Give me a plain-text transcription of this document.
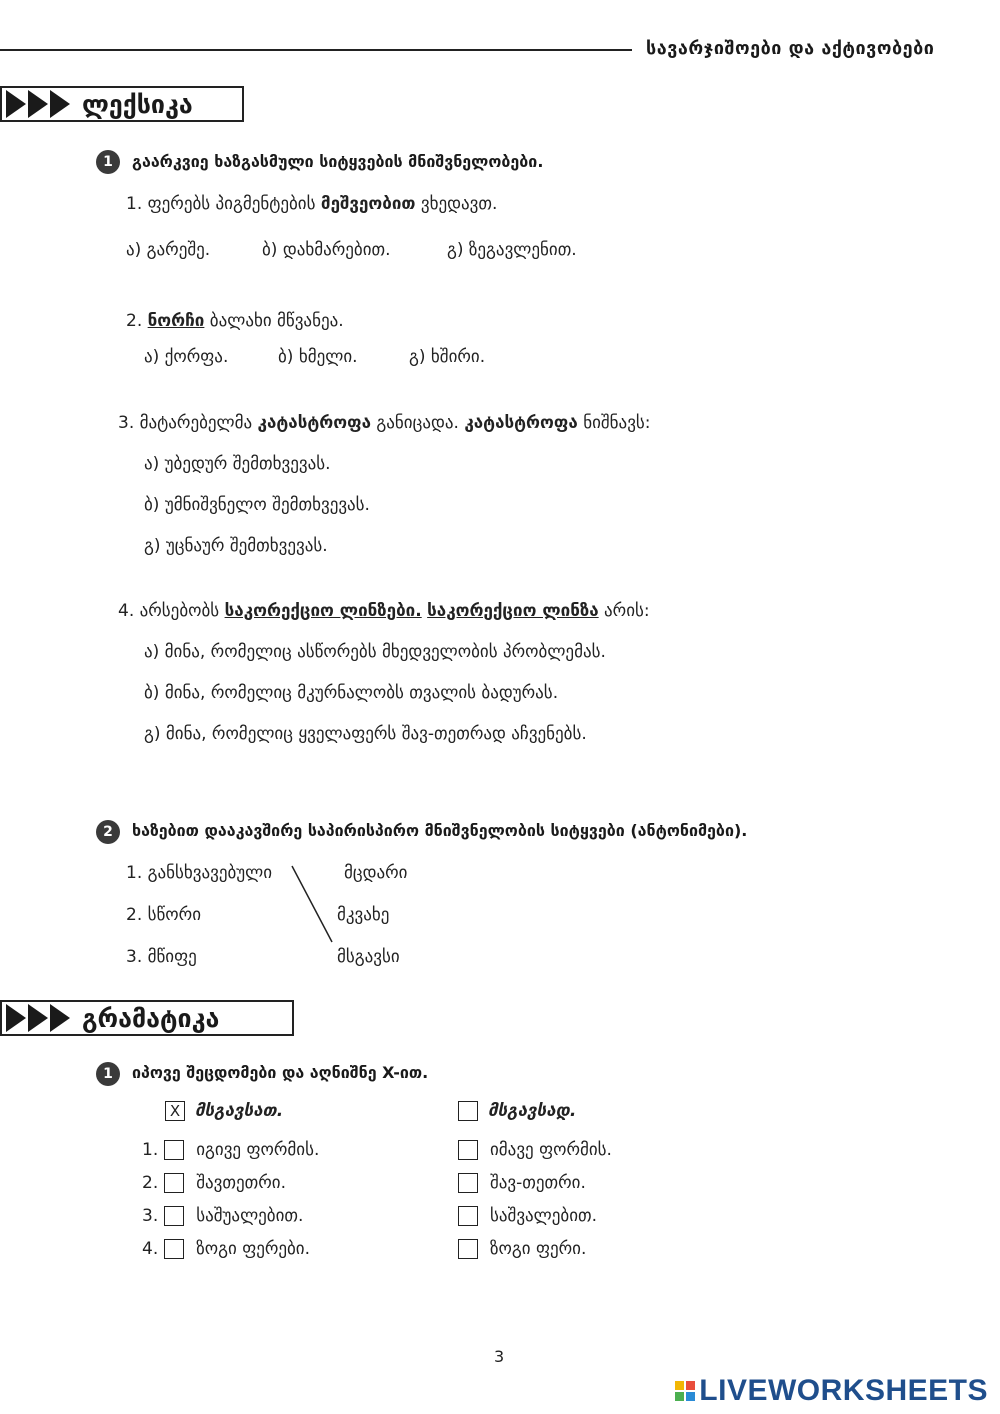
სავარჯიშოები და აქტივობები
ლექსიკა
1	გაარკვიე ხაზგასმული სიტყვების მნიშვნელობები.
1. ფერებს პიგმენტების მეშვეობით ვხედავთ.
ა) გარეშე.	ბ) დახმარებით.	გ) ზეგავლენით.
2. ნორჩი ბალახი მწვანეა.
ა) ქორფა.	ბ) ხმელი.	გ) ხშირი.
3. მატარებელმა კატასტროფა განიცადა. კატასტროფა ნიშნავს:
ა) უბედურ შემთხვევას.
ბ) უმნიშვნელო შემთხვევას.
გ) უცნაურ შემთხვევას.
4. არსებობს საკორექციო ლინზები. საკორექციო ლინზა არის:
ა) მინა, რომელიც ასწორებს მხედველობის პრობლემას.
ბ) მინა, რომელიც მკურნალობს თვალის ბადურას.
გ) მინა, რომელიც ყველაფერს შავ-თეთრად აჩვენებს.
2	ხაზებით დააკავშირე საპირისპირო მნიშვნელობის სიტყვები (ანტონიმები).
1. განსხვავებული
2. სწორი
3. მწიფე
მცდარი
მკვახე
მსგავსი
გრამატიკა
1	იპოვე შეცდომები და აღნიშნე X-ით.
X მსგავსათ.	მსგავსად.
1. იგივე ფორმის.	იმავე ფორმის.
2. შავთეთრი.	შავ-თეთრი.
3. საშუალებით.	საშვალებით.
4. ზოგი ფერები.	ზოგი ფერი.
3
LIVEWORKSHEETS
